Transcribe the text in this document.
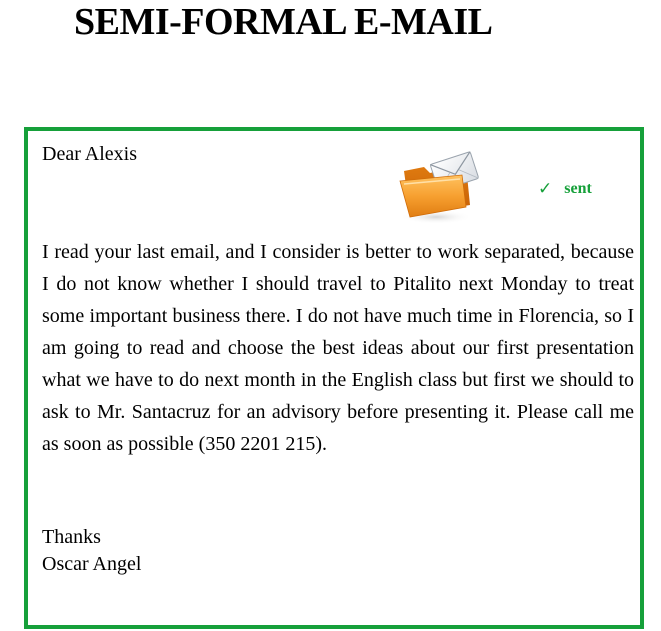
SEMI-FORMAL E-MAIL
Dear Alexis
✓ sent

I read your last email, and I consider is better to work separated, because I do not know whether I should travel to Pitalito next Monday to treat some important business there. I do not have much time in Florencia, so I am going to read and choose the best ideas about our first presentation what we have to do next month in the English class but first we should to ask to Mr. Santacruz for an advisory before presenting it. Please call me as soon as possible (350 2201 215).

Thanks
Oscar Angel
